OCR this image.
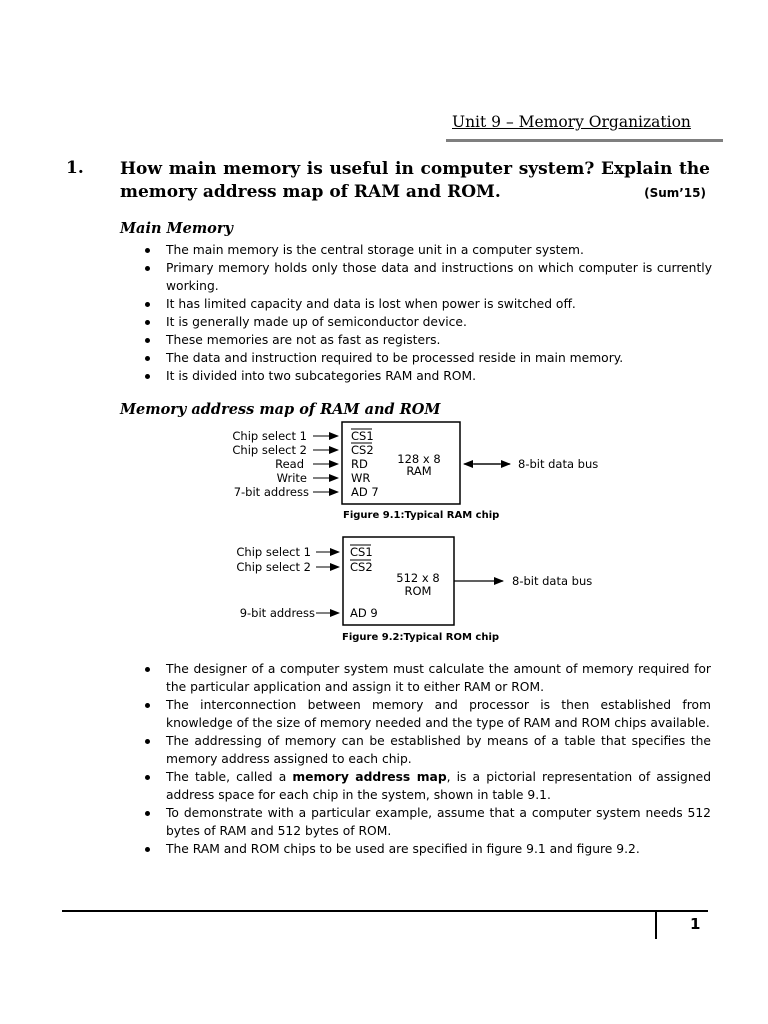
Unit 9 – Memory Organization
1. How main memory is useful in computer system? Explain the
memory address map of RAM and ROM.	(Sum’15)
Main Memory
The main memory is the central storage unit in a computer system.
Primary memory holds only those data and instructions on which computer is currently working.
It has limited capacity and data is lost when power is switched off.
It is generally made up of semiconductor device.
These memories are not as fast as registers.
The data and instruction required to be processed reside in main memory.
It is divided into two subcategories RAM and ROM.
Memory address map of RAM and ROM
Chip select 1
Chip select 2
Read
Write
7-bit address
CS1
CS2
RD
WR
AD 7
128 x 8
RAM	8-bit data bus
Figure 9.1:Typical RAM chip
Chip select 1
Chip select 2
9-bit address
CS1
CS2
AD 9
512 x 8
ROM
8-bit data bus
Figure 9.2:Typical ROM chip
The designer of a computer system must calculate the amount of memory required for the particular application and assign it to either RAM or ROM.
The interconnection between memory and processor is then established from knowledge of the size of memory needed and the type of RAM and ROM chips available.
The addressing of memory can be established by means of a table that specifies the memory address assigned to each chip.
The table, called a memory address map, is a pictorial representation of assigned address space for each chip in the system, shown in table 9.1.
To demonstrate with a particular example, assume that a computer system needs 512 bytes of RAM and 512 bytes of ROM.
The RAM and ROM chips to be used are specified in figure 9.1 and figure 9.2.
1
